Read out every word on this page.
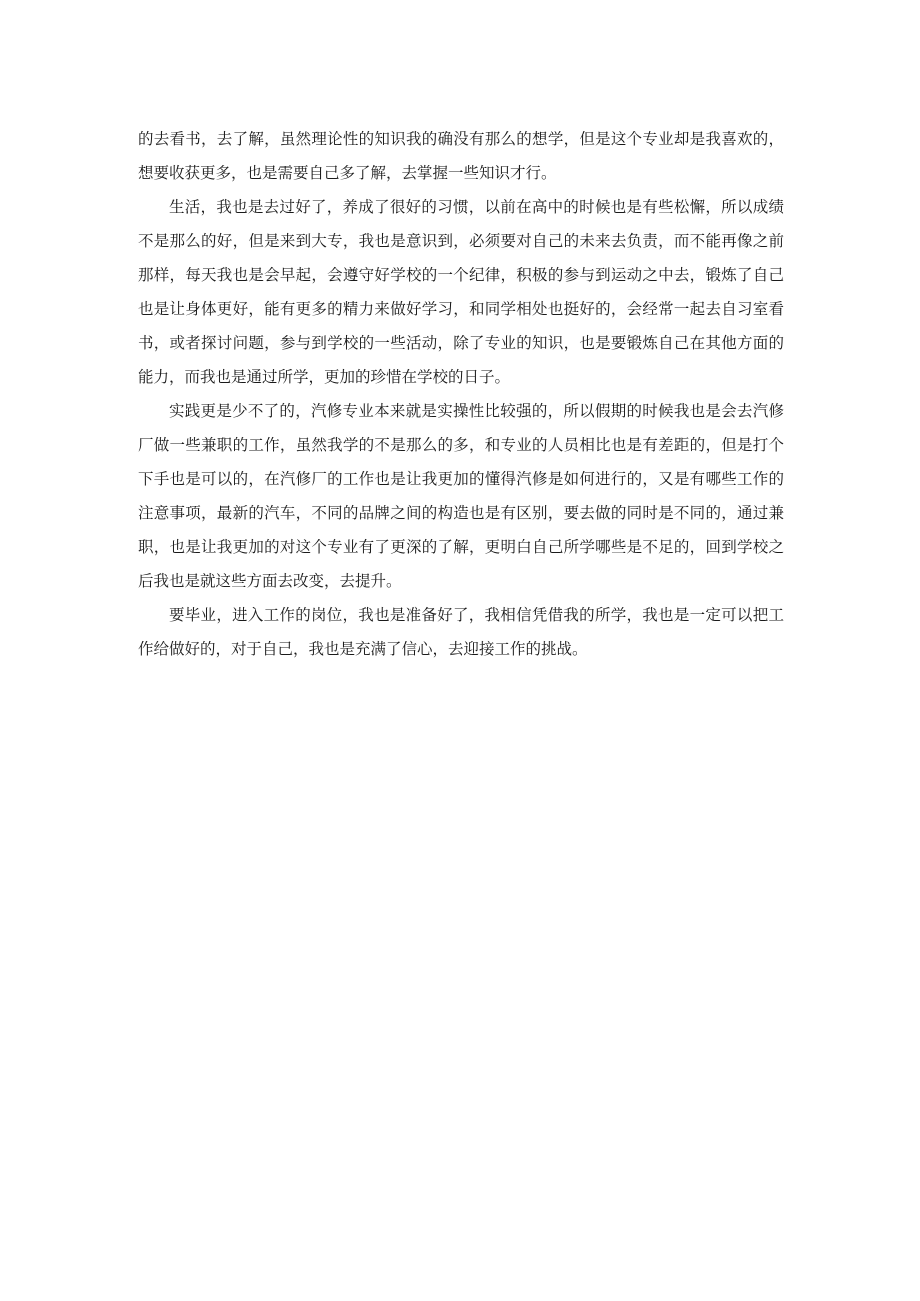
的去看书，去了解，虽然理论性的知识我的确没有那么的想学，但是这个专业却是我喜欢的，想要收获更多，也是需要自己多了解，去掌握一些知识才行。

生活，我也是去过好了，养成了很好的习惯，以前在高中的时候也是有些松懈，所以成绩不是那么的好，但是来到大专，我也是意识到，必须要对自己的未来去负责，而不能再像之前那样，每天我也是会早起，会遵守好学校的一个纪律，积极的参与到运动之中去，锻炼了自己也是让身体更好，能有更多的精力来做好学习，和同学相处也挺好的，会经常一起去自习室看书，或者探讨问题，参与到学校的一些活动，除了专业的知识，也是要锻炼自己在其他方面的能力，而我也是通过所学，更加的珍惜在学校的日子。

实践更是少不了的，汽修专业本来就是实操性比较强的，所以假期的时候我也是会去汽修厂做一些兼职的工作，虽然我学的不是那么的多，和专业的人员相比也是有差距的，但是打个下手也是可以的，在汽修厂的工作也是让我更加的懂得汽修是如何进行的，又是有哪些工作的注意事项，最新的汽车，不同的品牌之间的构造也是有区别，要去做的同时是不同的，通过兼职，也是让我更加的对这个专业有了更深的了解，更明白自己所学哪些是不足的，回到学校之后我也是就这些方面去改变，去提升。

要毕业，进入工作的岗位，我也是准备好了，我相信凭借我的所学，我也是一定可以把工作给做好的，对于自己，我也是充满了信心，去迎接工作的挑战。
